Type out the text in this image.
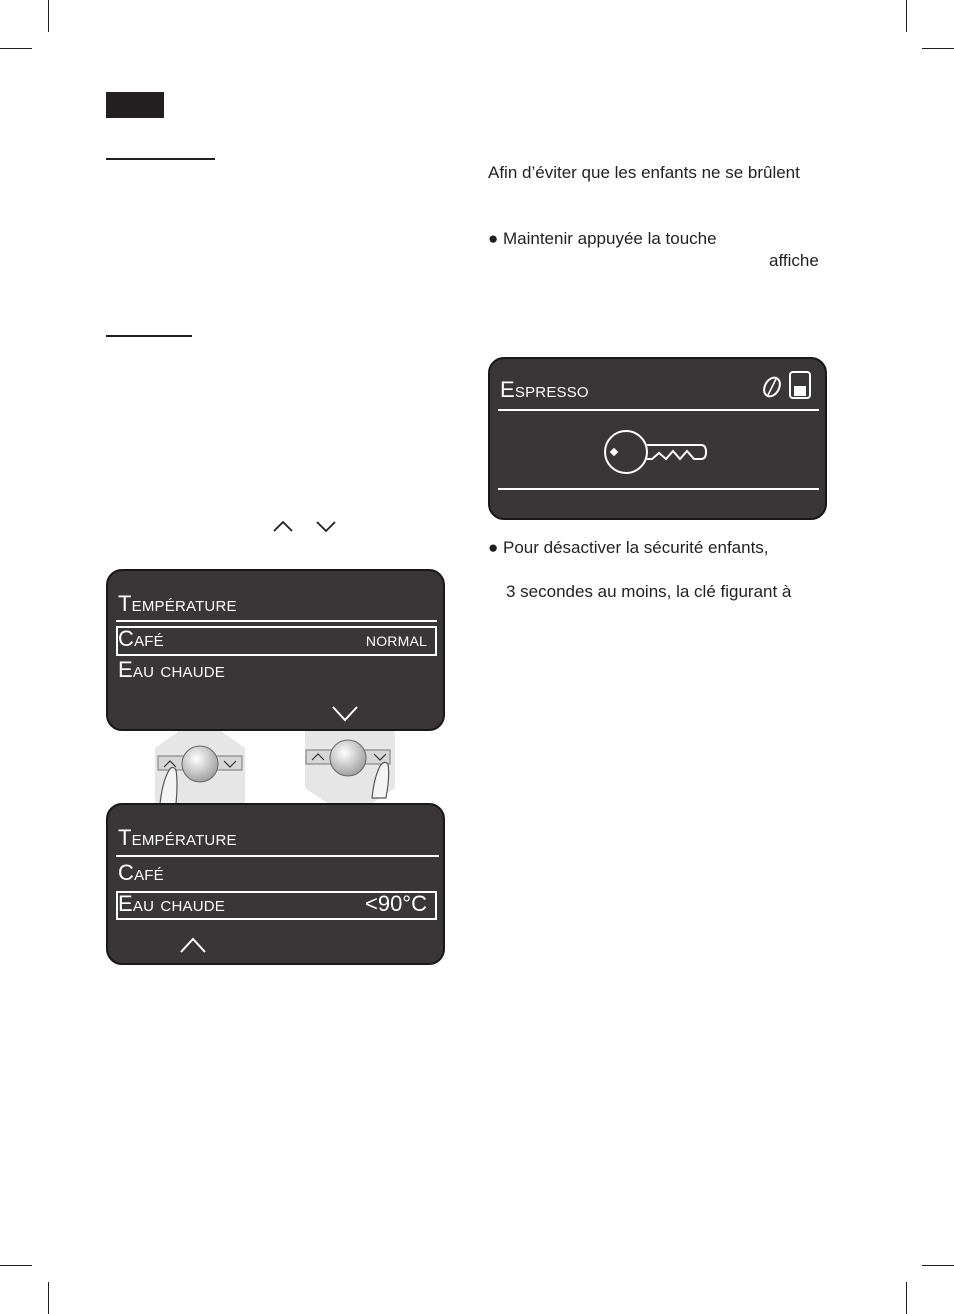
Afin d’éviter que les enfants ne se brûlent
● Maintenir appuyée la touche
affiche
● Pour désactiver la sécurité enfants,
3 secondes au moins, la clé figurant à
Espresso
Température
Café	normal
Eau chaude
Température
Café
Eau chaude	<90°C
